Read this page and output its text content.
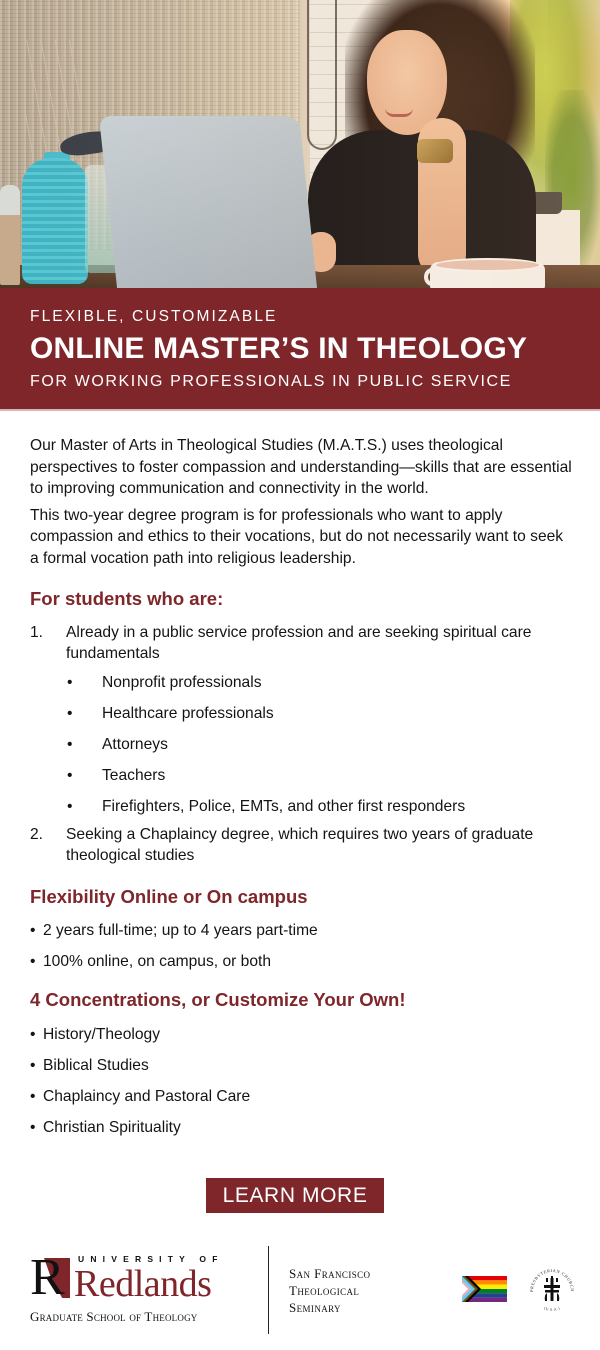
FLEXIBLE, CUSTOMIZABLE
ONLINE MASTER’S IN THEOLOGY
FOR WORKING PROFESSIONALS IN PUBLIC SERVICE

Our Master of Arts in Theological Studies (M.A.T.S.) uses theological perspectives to foster compassion and understanding—skills that are essential to improving communication and connectivity in the world.

This two-year degree program is for professionals who want to apply compassion and ethics to their vocations, but do not necessarily want to seek a formal vocation path into religious leadership.

For students who are:
1. Already in a public service profession and are seeking spiritual care fundamentals
• Nonprofit professionals
• Healthcare professionals
• Attorneys
• Teachers
• Firefighters, Police, EMTs, and other first responders
2. Seeking a Chaplaincy degree, which requires two years of graduate theological studies
Flexibility Online or On campus
• 2 years full-time; up to 4 years part-time
• 100% online, on campus, or both
4 Concentrations, or Customize Your Own!
• History/Theology
• Biblical Studies
• Chaplaincy and Pastoral Care
• Christian Spirituality
LEARN MORE
R UNIVERSITY OF
Redlands
Graduate School of Theology
San Francisco
Theological
Seminary
PRESBYTERIAN CHURCH
(U.S.A.)
